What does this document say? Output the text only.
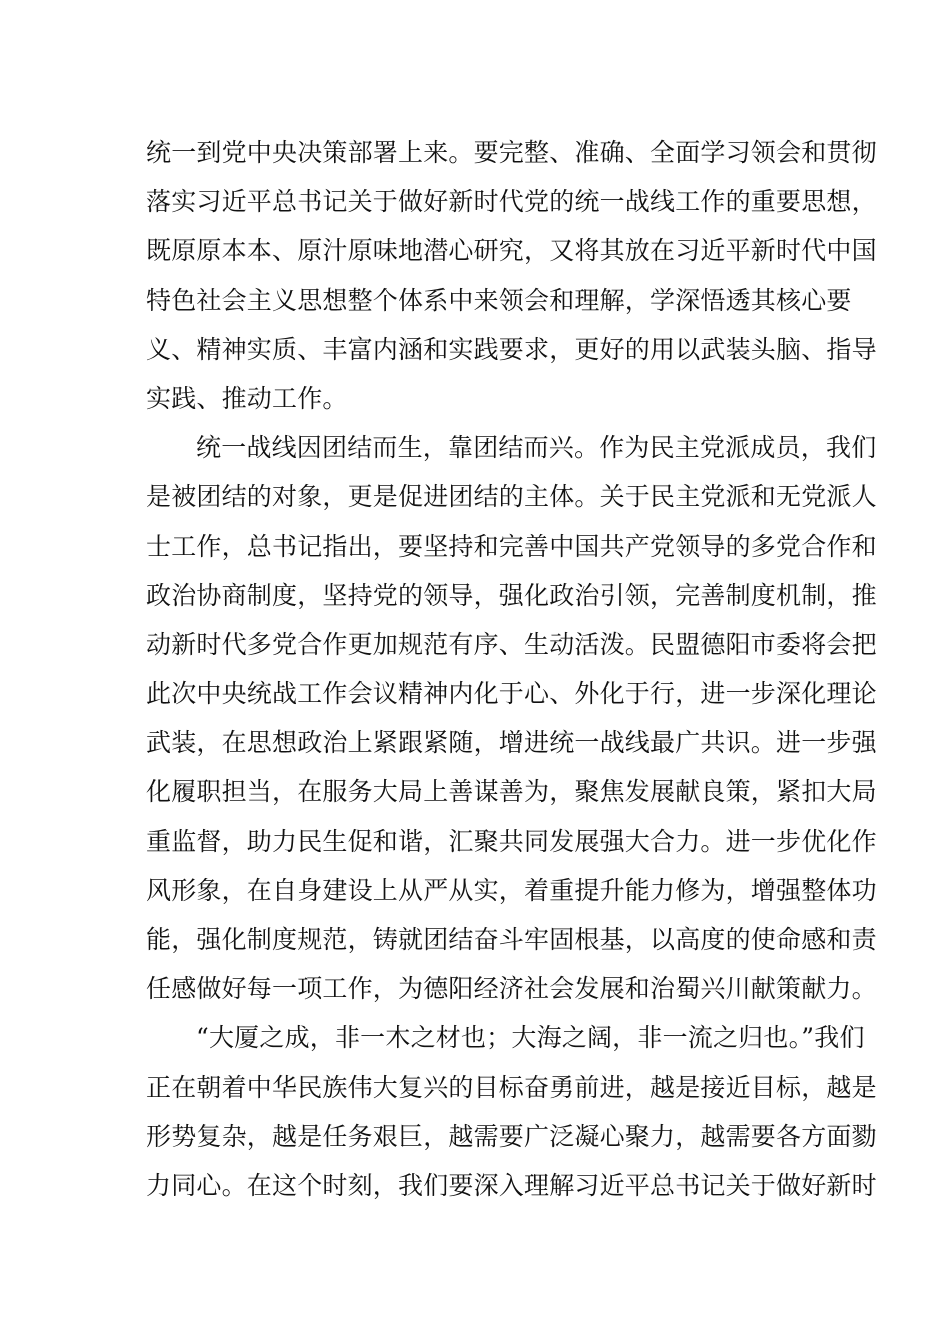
统一到党中央决策部署上来。要完整、准确、全面学习领会和贯彻
落实习近平总书记关于做好新时代党的统一战线工作的重要思想，
既原原本本、原汁原味地潜心研究，又将其放在习近平新时代中国
特色社会主义思想整个体系中来领会和理解，学深悟透其核心要
义、精神实质、丰富内涵和实践要求，更好的用以武装头脑、指导
实践、推动工作。
统一战线因团结而生，靠团结而兴。作为民主党派成员，我们
是被团结的对象，更是促进团结的主体。关于民主党派和无党派人
士工作，总书记指出，要坚持和完善中国共产党领导的多党合作和
政治协商制度，坚持党的领导，强化政治引领，完善制度机制，推
动新时代多党合作更加规范有序、生动活泼。民盟德阳市委将会把
此次中央统战工作会议精神内化于心、外化于行，进一步深化理论
武装，在思想政治上紧跟紧随，增进统一战线最广共识。进一步强
化履职担当，在服务大局上善谋善为，聚焦发展献良策，紧扣大局
重监督，助力民生促和谐，汇聚共同发展强大合力。进一步优化作
风形象，在自身建设上从严从实，着重提升能力修为，增强整体功
能，强化制度规范，铸就团结奋斗牢固根基，以高度的使命感和责
任感做好每一项工作，为德阳经济社会发展和治蜀兴川献策献力。
“大厦之成，非一木之材也；大海之阔，非一流之归也。”我们
正在朝着中华民族伟大复兴的目标奋勇前进，越是接近目标，越是
形势复杂，越是任务艰巨，越需要广泛凝心聚力，越需要各方面勠
力同心。在这个时刻，我们要深入理解习近平总书记关于做好新时
